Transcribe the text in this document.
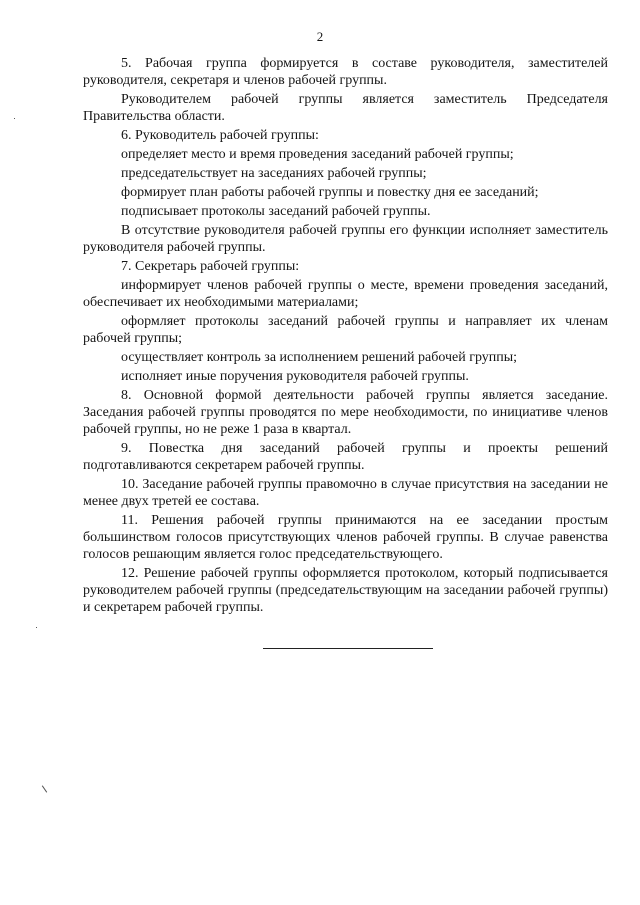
2

5. Рабочая группа формируется в составе руководителя, заместителей руководителя, секретаря и членов рабочей группы.

Руководителем рабочей группы является заместитель Председателя Правительства области.

6. Руководитель рабочей группы:

определяет место и время проведения заседаний рабочей группы;

председательствует на заседаниях рабочей группы;

формирует план работы рабочей группы и повестку дня ее заседаний;

подписывает протоколы заседаний рабочей группы.

В отсутствие руководителя рабочей группы его функции исполняет заместитель руководителя рабочей группы.

7. Секретарь рабочей группы:

информирует членов рабочей группы о месте, времени проведения заседаний, обеспечивает их необходимыми материалами;

оформляет протоколы заседаний рабочей группы и направляет их членам рабочей группы;

осуществляет контроль за исполнением решений рабочей группы;

исполняет иные поручения руководителя рабочей группы.

8. Основной формой деятельности рабочей группы является заседание. Заседания рабочей группы проводятся по мере необходимости, по инициативе членов рабочей группы, но не реже 1 раза в квартал.

9. Повестка дня заседаний рабочей группы и проекты решений подготавливаются секретарем рабочей группы.

10. Заседание рабочей группы правомочно в случае присутствия на заседании не менее двух третей ее состава.

11. Решения рабочей группы принимаются на ее заседании простым большинством голосов присутствующих членов рабочей группы. В случае равенства голосов решающим является голос председательствующего.

12. Решение рабочей группы оформляется протоколом, который подписывается руководителем рабочей группы (председательствующим на заседании рабочей группы) и секретарем рабочей группы.
